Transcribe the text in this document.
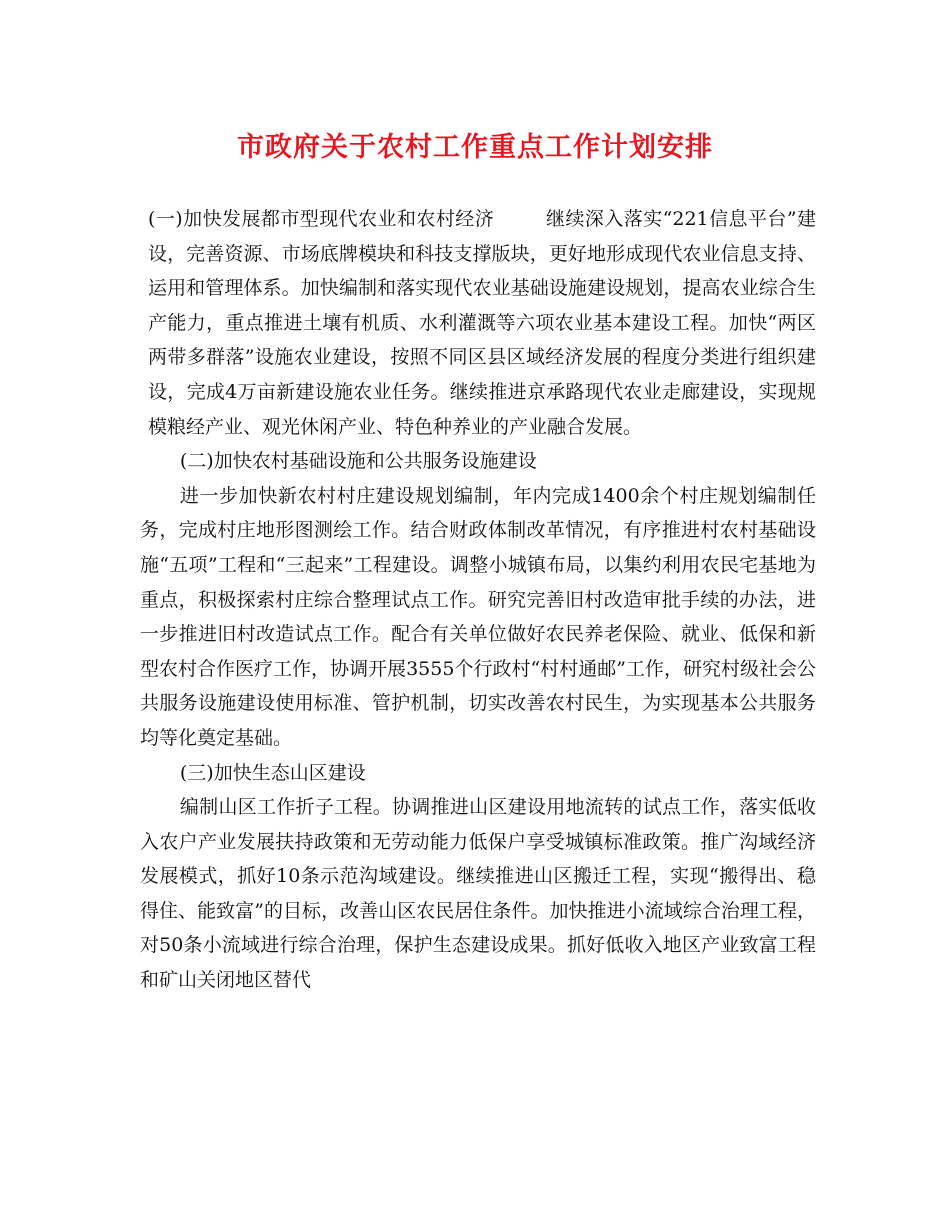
市政府关于农村工作重点工作计划安排

(一)加快发展都市型现代农业和农村经济        继续深入落实“221信息平台”建设，完善资源、市场底牌模块和科技支撑版块，更好地形成现代农业信息支持、运用和管理体系。加快编制和落实现代农业基础设施建设规划，提高农业综合生产能力，重点推进土壤有机质、水利灌溉等六项农业基本建设工程。加快“两区两带多群落”设施农业建设，按照不同区县区域经济发展的程度分类进行组织建设，完成4万亩新建设施农业任务。继续推进京承路现代农业走廊建设，实现规模粮经产业、观光休闲产业、特色种养业的产业融合发展。

(二)加快农村基础设施和公共服务设施建设

进一步加快新农村村庄建设规划编制，年内完成1400余个村庄规划编制任务，完成村庄地形图测绘工作。结合财政体制改革情况，有序推进村农村基础设施“五项”工程和“三起来”工程建设。调整小城镇布局，以集约利用农民宅基地为重点，积极探索村庄综合整理试点工作。研究完善旧村改造审批手续的办法，进一步推进旧村改造试点工作。配合有关单位做好农民养老保险、就业、低保和新型农村合作医疗工作，协调开展3555个行政村“村村通邮”工作，研究村级社会公共服务设施建设使用标准、管护机制，切实改善农村民生，为实现基本公共服务均等化奠定基础。

(三)加快生态山区建设

编制山区工作折子工程。协调推进山区建设用地流转的试点工作，落实低收入农户产业发展扶持政策和无劳动能力低保户享受城镇标准政策。推广沟域经济发展模式，抓好10条示范沟域建设。继续推进山区搬迁工程，实现“搬得出、稳得住、能致富”的目标，改善山区农民居住条件。加快推进小流域综合治理工程，对50条小流域进行综合治理，保护生态建设成果。抓好低收入地区产业致富工程和矿山关闭地区替代
